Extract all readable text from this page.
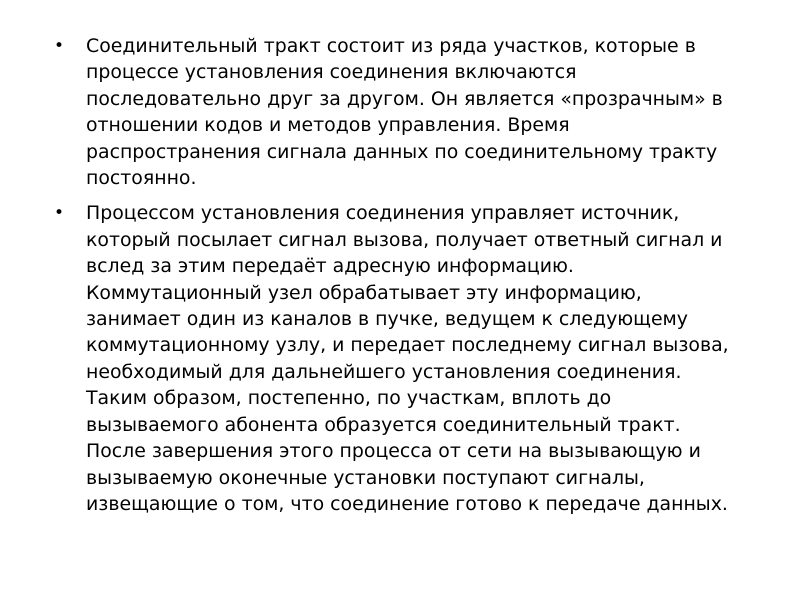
• Соединительный тракт состоит из ряда участков, которые в
процессе установления соединения включаются
последовательно друг за другом. Он является «прозрачным» в
отношении кодов и методов управления. Время
распространения сигнала данных по соединительному тракту
постоянно.
• Процессом установления соединения управляет источник,
который посылает сигнал вызова, получает ответный сигнал и
вслед за этим передаёт адресную информацию.
Коммутационный узел обрабатывает эту информацию,
занимает один из каналов в пучке, ведущем к следующему
коммутационному узлу, и передает последнему сигнал вызова,
необходимый для дальнейшего установления соединения.
Таким образом, постепенно, по участкам, вплоть до
вызываемого абонента образуется соединительный тракт.
После завершения этого процесса от сети на вызывающую и
вызываемую оконечные установки поступают сигналы,
извещающие о том, что соединение готово к передаче данных.
